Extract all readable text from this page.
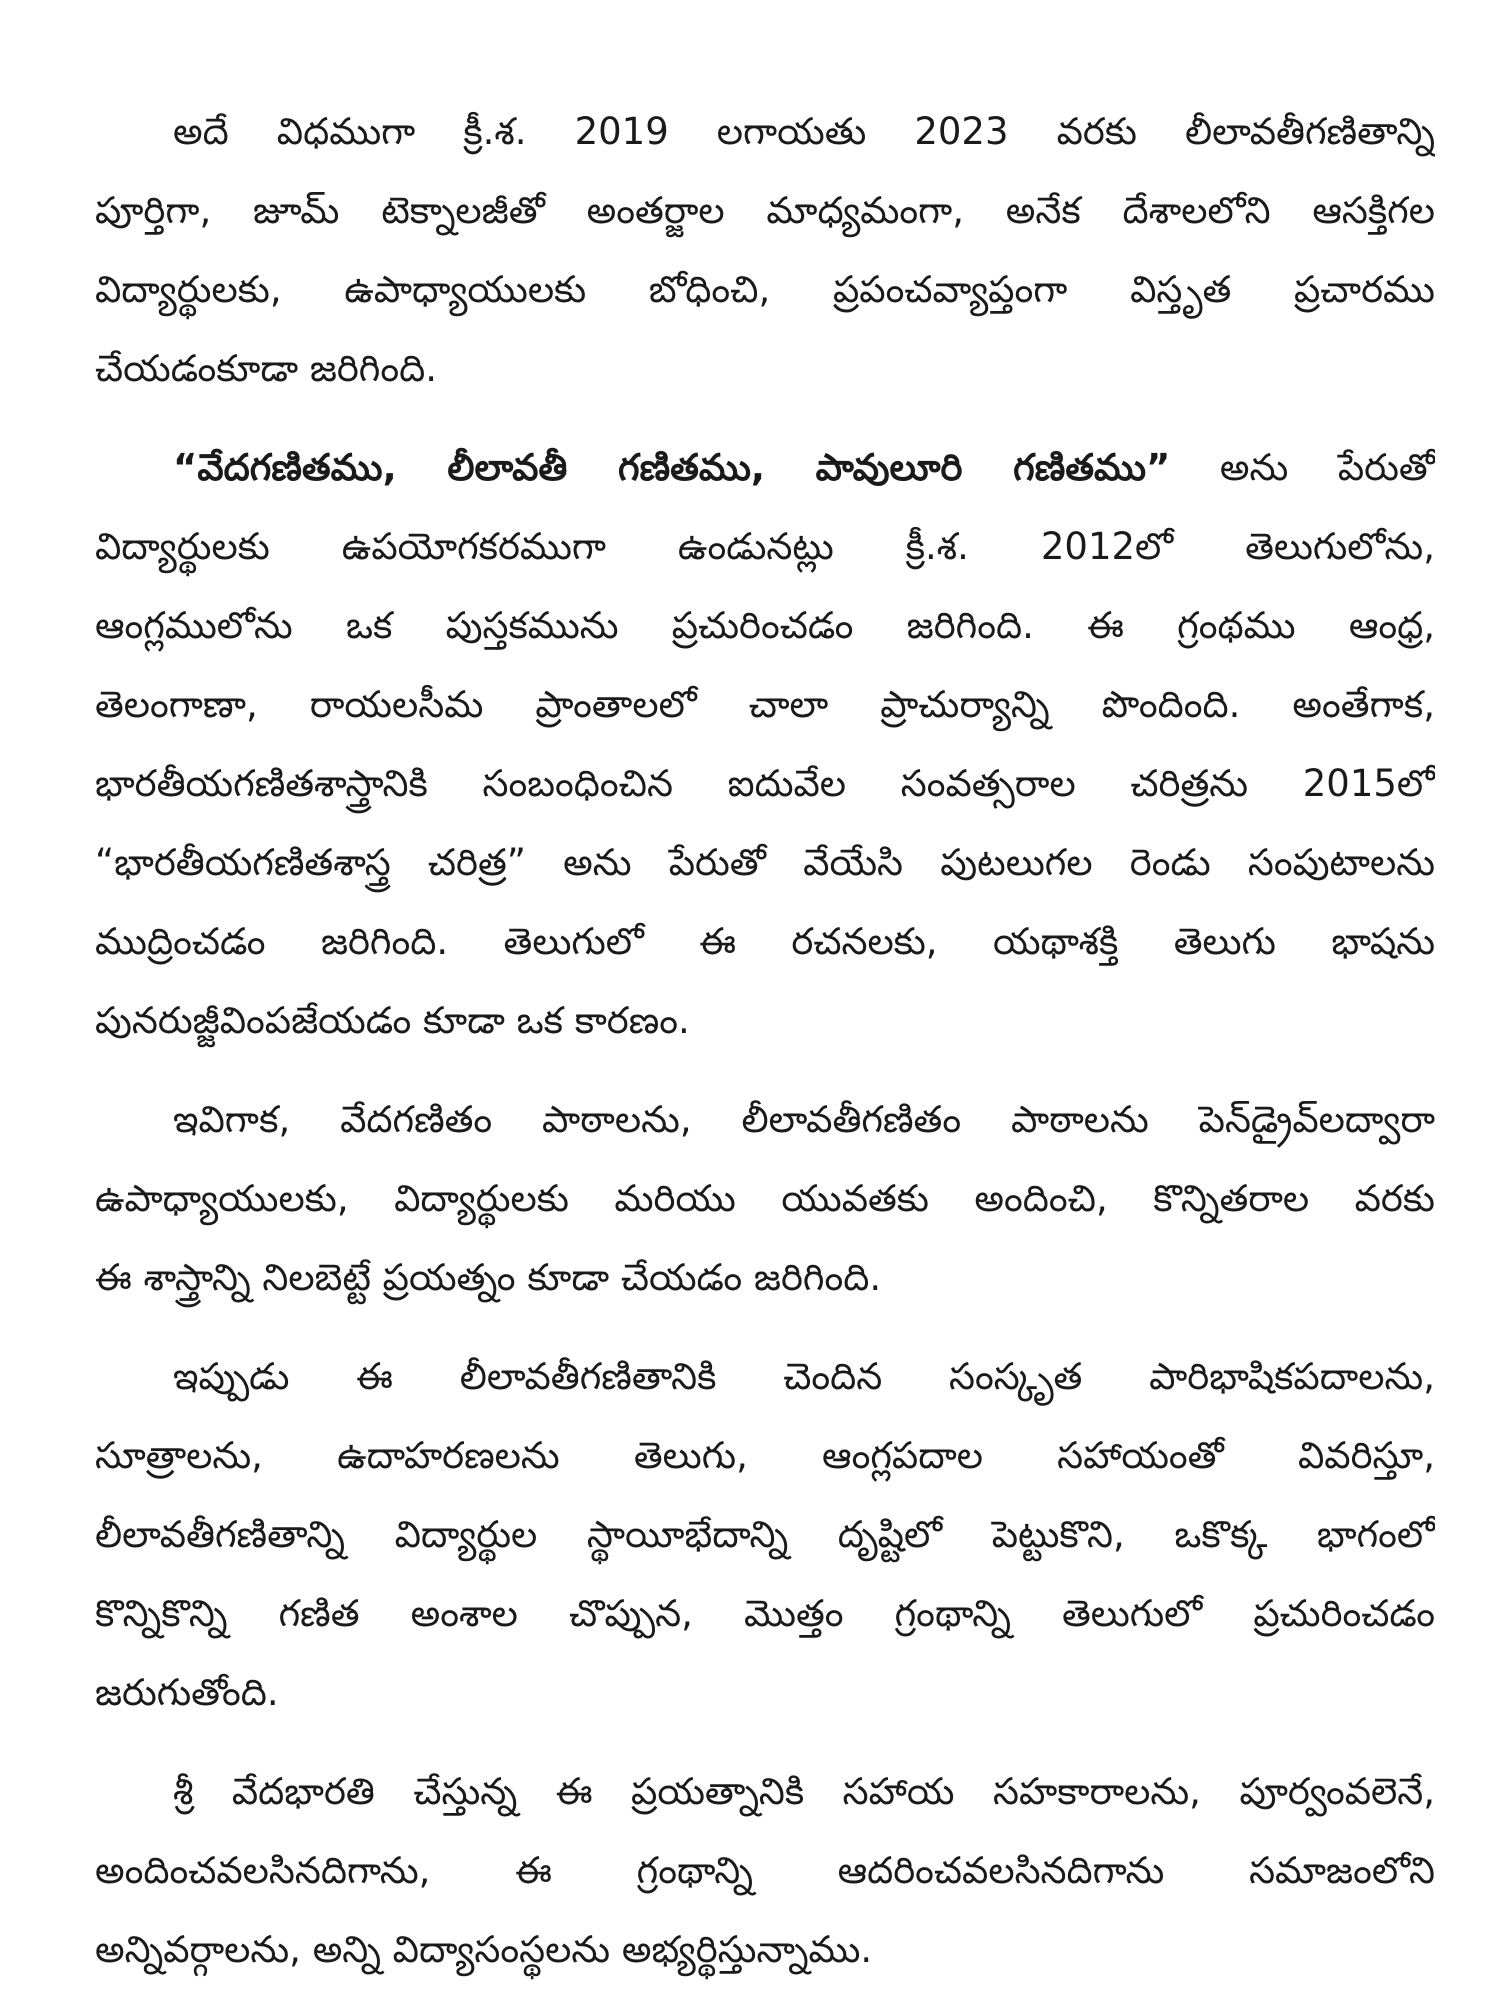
అదే విధముగా క్రీ.శ. 2019 లగాయతు 2023 వరకు లీలావతీగణితాన్ని
పూర్తిగా, జూమ్ టెక్నాలజీతో అంతర్జాల మాధ్యమంగా, అనేక దేశాలలోని ఆసక్తిగల
విద్యార్థులకు, ఉపాధ్యాయులకు బోధించి, ప్రపంచవ్యాప్తంగా విస్తృత ప్రచారము
చేయడంకూడా జరిగింది.
“వేదగణితము, లీలావతీ గణితము, పావులూరి గణితము” అను పేరుతో
విద్యార్థులకు ఉపయోగకరముగా ఉండునట్లు క్రీ.శ. 2012లో తెలుగులోను,
ఆంగ్లములోను ఒక పుస్తకమును ప్రచురించడం జరిగింది. ఈ గ్రంథము ఆంధ్ర,
తెలంగాణా, రాయలసీమ ప్రాంతాలలో చాలా ప్రాచుర్యాన్ని పొందింది. అంతేగాక,
భారతీయగణితశాస్త్రానికి సంబంధించిన ఐదువేల సంవత్సరాల చరిత్రను 2015లో
“భారతీయగణితశాస్త్ర చరిత్ర” అను పేరుతో వేయేసి పుటలుగల రెండు సంపుటాలను
ముద్రించడం జరిగింది. తెలుగులో ఈ రచనలకు, యథాశక్తి తెలుగు భాషను
పునరుజ్జీవింపజేయడం కూడా ఒక కారణం.
ఇవిగాక, వేదగణితం పాఠాలను, లీలావతీగణితం పాఠాలను పెన్‌డ్రైవ్‌లద్వారా
ఉపాధ్యాయులకు, విద్యార్థులకు మరియు యువతకు అందించి, కొన్నితరాల వరకు
ఈ శాస్త్రాన్ని నిలబెట్టే ప్రయత్నం కూడా చేయడం జరిగింది.
ఇప్పుడు ఈ లీలావతీగణితానికి చెందిన సంస్కృత పారిభాషికపదాలను,
సూత్రాలను, ఉదాహరణలను తెలుగు, ఆంగ్లపదాల సహాయంతో వివరిస్తూ,
లీలావతీగణితాన్ని విద్యార్థుల స్థాయీభేదాన్ని దృష్టిలో పెట్టుకొని, ఒకొక్క భాగంలో
కొన్నికొన్ని గణిత అంశాల చొప్పున, మొత్తం గ్రంథాన్ని తెలుగులో ప్రచురించడం
జరుగుతోంది.
శ్రీ వేదభారతి చేస్తున్న ఈ ప్రయత్నానికి సహాయ సహకారాలను, పూర్వంవలెనే,
అందించవలసినదిగాను, ఈ గ్రంథాన్ని ఆదరించవలసినదిగాను సమాజంలోని
అన్నివర్గాలను, అన్ని విద్యాసంస్థలను అభ్యర్థిస్తున్నాము.
